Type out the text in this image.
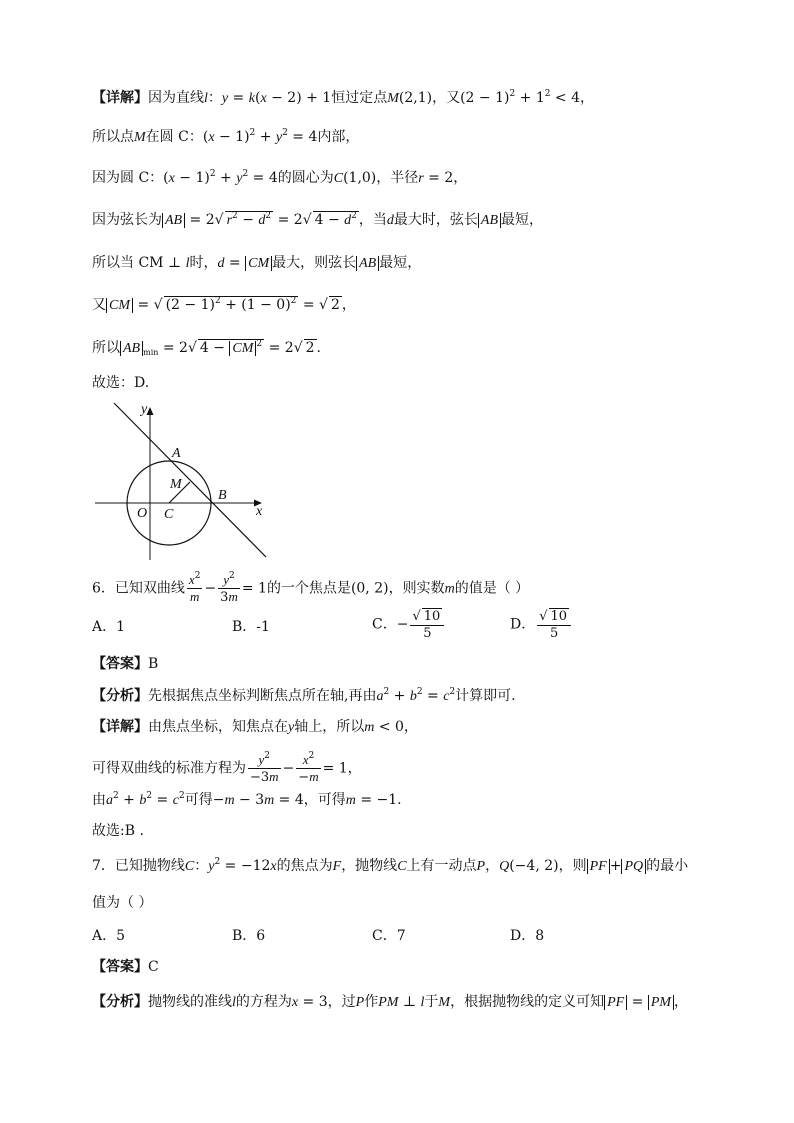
【详解】因为直线l：y = k(x − 2) + 1恒过定点M(2,1)，又$(2 - 1)^2 + 1^2 < 4$，
所以点M在圆 C：$(x - 1)^2 + y^2 = 4$内部，
因为圆 C：$(x - 1)^2 + y^2 = 4$的圆心为C(1,0)，半径r = 2，
因为弦长为 AB = 2√ $r^2 - d^2 = 2√$ $4 - d^2$ ，当d最大时，弦长 AB 最短，
所以当 CM ⊥ l时，d = CM 最大，则弦长 AB 最短，
又 CM = √ $(2 - 1)^2 + (1 - 0)^2$ = √ 2 ，
所以 AB $_{min}$ = 2√ 4 − CM $^2$ = 2√ 2 .
故选：D.
y
x
A
M
B
O C
6．已知双曲线 $\frac{x^2}{m} - \frac{y^2}{3m} = 1$的一个焦点是(0, 2)，则实数m的值是（ ）
A．1	B．-1	C．− $\frac{√ 10}{5}$	D． $\frac{√ 10}{5}$
【答案】B
【分析】先根据焦点坐标判断焦点所在轴,再由$a^2 + b^2 = c^2$计算即可.
【详解】由焦点坐标，知焦点在y轴上，所以m < 0，
可得双曲线的标准方程为 $\frac{y^2}{-3m} - \frac{x^2}{-m} = 1$，
由$a^2 + b^2 = c^2$可得−m − 3m = 4，可得m = −1.
故选:B .
7．已知抛物线C：$y^2 = -12x$的焦点为F，抛物线C上有一动点P，Q(−4, 2)，则 PF + PQ 的最小
值为（ ）
A．5	B．6	C．7	D．8
【答案】C
【分析】抛物线的准线l的方程为x = 3，过P作PM ⊥ l于M，根据抛物线的定义可知 PF = PM ，
